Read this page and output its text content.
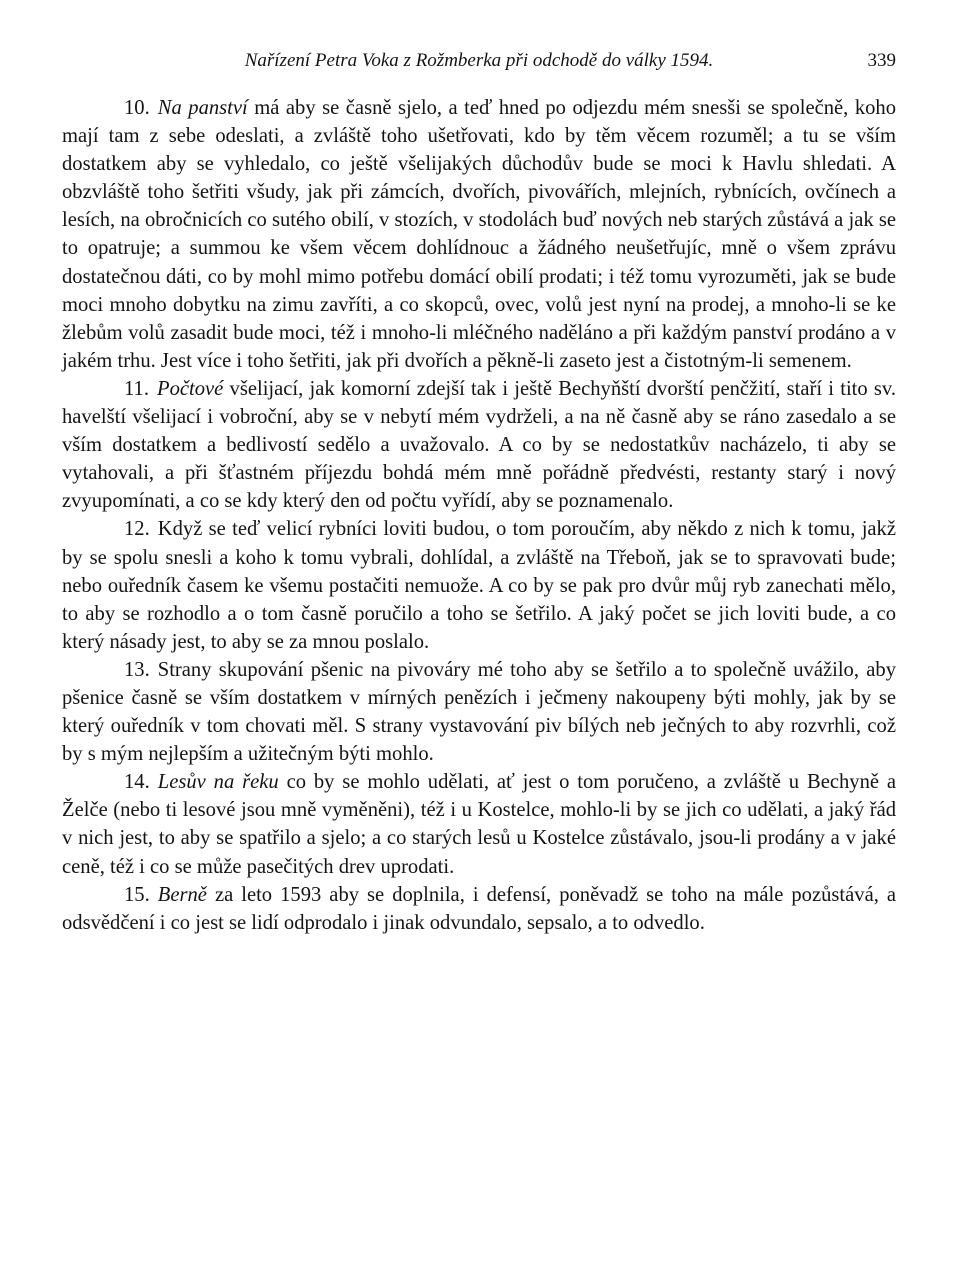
Nařízení Petra Voka z Rožmberka při odchodě do války 1594.	339

10. Na panství má aby se časně sjelo, a teď hned po odjezdu mém snesši se společně, koho mají tam z sebe odeslati, a zvláště toho ušetřovati, kdo by těm věcem rozuměl; a tu se vším dostatkem aby se vyhledalo, co ještě všelijakých důchodův bude se moci k Havlu shledati. A obzvláště toho šetřiti všudy, jak při zámcích, dvořích, pivovářích, mlejních, rybnících, ovčínech a lesích, na obročnicích co sutého obilí, v stozích, v stodolách buď nových neb starých zůstává a jak se to opatruje; a summou ke všem věcem dohlídnouc a žádného neušetřujíc, mně o všem zprávu dostatečnou dáti, co by mohl mimo potřebu domácí obilí prodati; i též tomu vyrozuměti, jak se bude moci mnoho dobytku na zimu zavříti, a co skopců, ovec, volů jest nyní na prodej, a mnoho-li se ke žlebům volů zasadit bude moci, též i mnoho-li mléčného naděláno a při každým panství prodáno a v jakém trhu. Jest více i toho šetřiti, jak při dvořích a pěkně-li zaseto jest a čistotným-li semenem.

11. Počtové všelijací, jak komorní zdejší tak i ještě Bechyňští dvorští penčžití, staří i tito sv. havelští všelijací i vobroční, aby se v nebytí mém vydrželi, a na ně časně aby se ráno zasedalo a se vším dostatkem a bedlivostí sedělo a uvažovalo. A co by se nedostatkův nacházelo, ti aby se vytahovali, a při šťastném příjezdu bohdá mém mně pořádně předvésti, restanty starý i nový zvyupomínati, a co se kdy který den od počtu vyřídí, aby se poznamenalo.

12. Když se teď velicí rybníci loviti budou, o tom poroučím, aby někdo z nich k tomu, jakž by se spolu snesli a koho k tomu vybrali, dohlídal, a zvláště na Třeboň, jak se to spravovati bude; nebo ouředník časem ke všemu postačiti nemuože. A co by se pak pro dvůr můj ryb zanechati mělo, to aby se rozhodlo a o tom časně poručilo a toho se šetřilo. A jaký počet se jich loviti bude, a co který násady jest, to aby se za mnou poslalo.

13. Strany skupování pšenic na pivováry mé toho aby se šetřilo a to společně uvážilo, aby pšenice časně se vším dostatkem v mírných penězích i ječmeny nakoupeny býti mohly, jak by se který ouředník v tom chovati měl. S strany vystavování piv bílých neb ječných to aby rozvrhli, což by s mým nejlepším a užitečným býti mohlo.

14. Lesův na řeku co by se mohlo udělati, ať jest o tom poručeno, a zvláště u Bechyně a Želče (nebo ti lesové jsou mně vyměněni), též i u Kostelce, mohlo-li by se jich co udělati, a jaký řád v nich jest, to aby se spatřilo a sjelo; a co starých lesů u Kostelce zůstávalo, jsou-li prodány a v jaké ceně, též i co se může pasečitých drev uprodati.

15. Berně za leto 1593 aby se doplnila, i defensí, poněvadž se toho na mále pozůstává, a odsvědčení i co jest se lidí odprodalo i jinak odvundalo, sepsalo, a to odvedlo.
